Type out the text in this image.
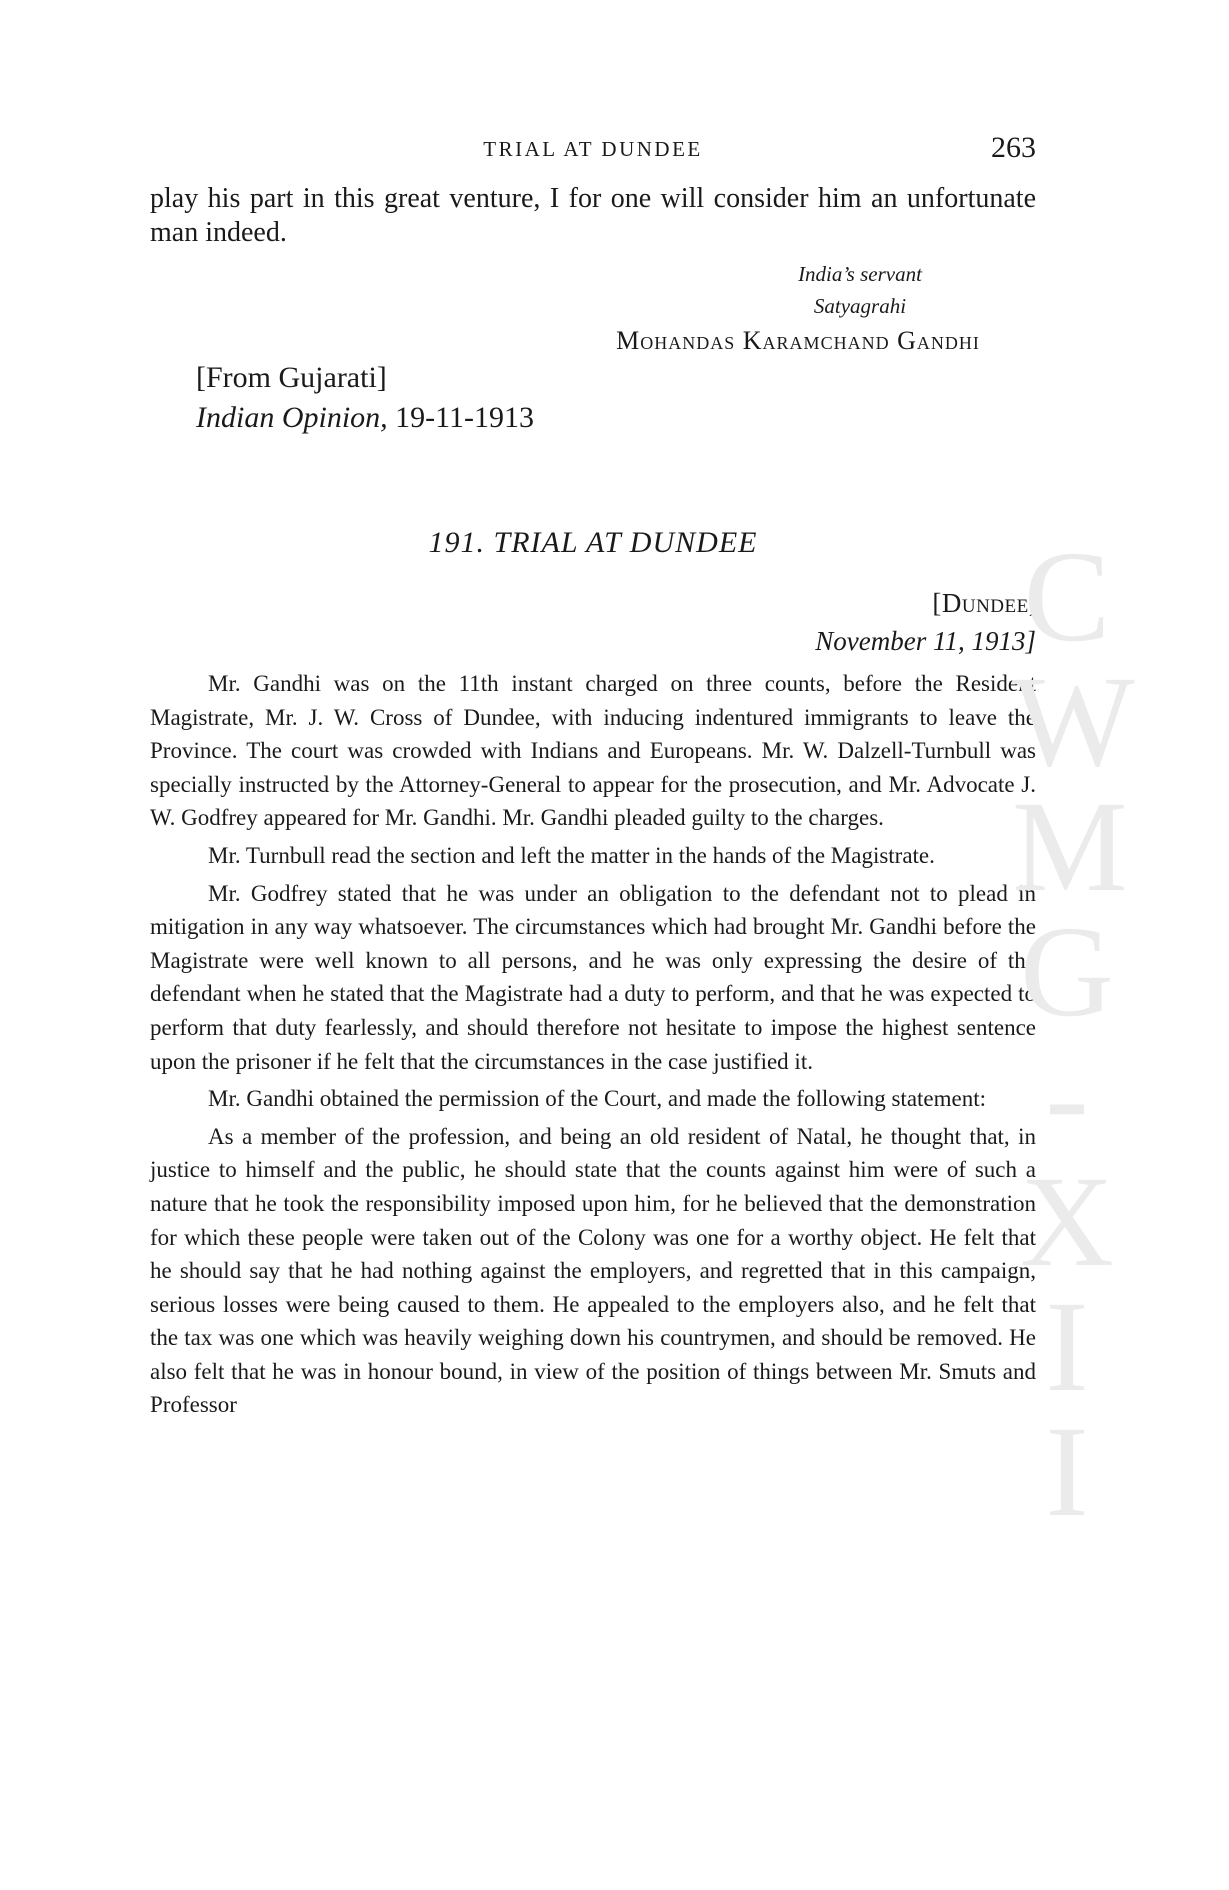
TRIAL AT DUNDEE	263
play his part in this great venture, I for one will consider him an unfortunate man indeed.
India’s servant
Satyagrahi
Mohandas Karamchand Gandhi
[From Gujarati]
Indian Opinion, 19-11-1913
191. TRIAL AT DUNDEE
[Dundee,
November 11, 1913]

Mr. Gandhi was on the 11th instant charged on three counts, before the Resident Magistrate, Mr. J. W. Cross of Dundee, with inducing indentured immigrants to leave the Province. The court was crowded with Indians and Europeans. Mr. W. Dalzell-Turnbull was specially instructed by the Attorney-General to appear for the prosecution, and Mr. Advocate J. W. Godfrey appeared for Mr. Gandhi. Mr. Gandhi pleaded guilty to the charges.

Mr. Turnbull read the section and left the matter in the hands of the Magistrate.

Mr. Godfrey stated that he was under an obligation to the defendant not to plead in mitigation in any way whatsoever. The circumstances which had brought Mr. Gandhi before the Magistrate were well known to all persons, and he was only expressing the desire of the defendant when he stated that the Magistrate had a duty to perform, and that he was expected to perform that duty fearlessly, and should therefore not hesitate to impose the highest sentence upon the prisoner if he felt that the circumstances in the case justified it.

Mr. Gandhi obtained the permission of the Court, and made the following statement:

As a member of the profession, and being an old resident of Natal, he thought that, in justice to himself and the public, he should state that the counts against him were of such a nature that he took the responsibility imposed upon him, for he believed that the demonstration for which these people were taken out of the Colony was one for a worthy object. He felt that he should say that he had nothing against the employers, and regretted that in this campaign, serious losses were being caused to them. He appealed to the employers also, and he felt that the tax was one which was heavily weighing down his countrymen, and should be removed. He also felt that he was in honour bound, in view of the position of things between Mr. Smuts and Professor

C
W
M
G
-
X
I
I
